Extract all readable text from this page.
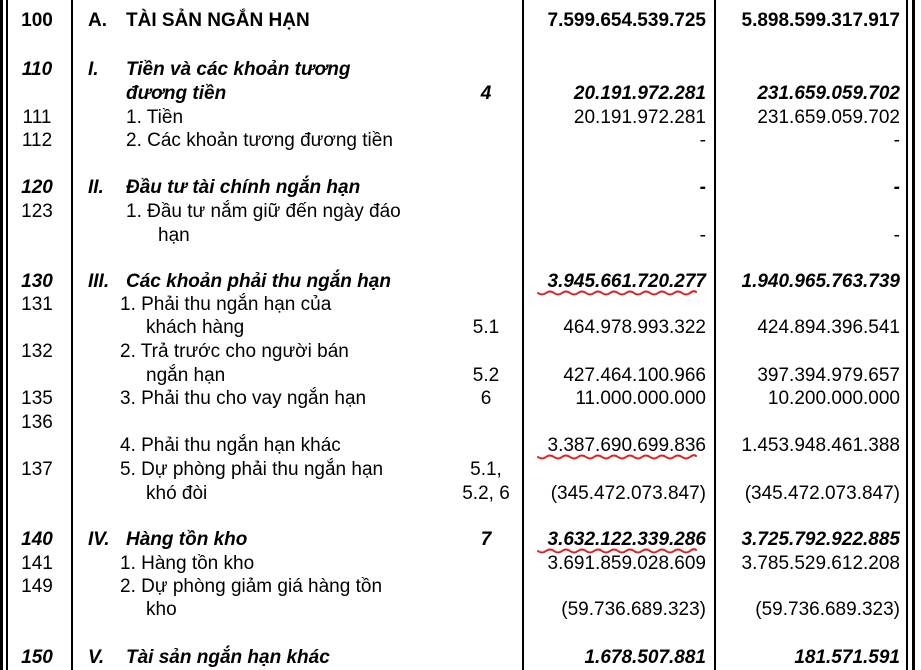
100	A. TÀI SẢN NGẮN HẠN	7.599.654.539.725	5.898.599.317.917
110	I. Tiền và các khoản tương
đương tiền	4	20.191.972.281	231.659.059.702
111	1. Tiền	20.191.972.281	231.659.059.702
112	2. Các khoản tương đương tiền	-	-
120	II. Đầu tư tài chính ngắn hạn	-	-
123	1. Đầu tư nắm giữ đến ngày đáo
hạn	-	-
130	III. Các khoản phải thu ngắn hạn	3.945.661.720.277	1.940.965.763.739
131	1. Phải thu ngắn hạn của
khách hàng	5.1	464.978.993.322	424.894.396.541
132	2. Trả trước cho người bán
ngắn hạn	5.2	427.464.100.966	397.394.979.657
135	3. Phải thu cho vay ngắn hạn	6	11.000.000.000	10.200.000.000
136
4. Phải thu ngắn hạn khác	3.387.690.699.836	1.453.948.461.388
137	5. Dự phòng phải thu ngắn hạn	5.1,
khó đòi	5.2, 6	(345.472.073.847)	(345.472.073.847)
140	IV. Hàng tồn kho	7	3.632.122.339.286	3.725.792.922.885
141	1. Hàng tồn kho	3.691.859.028.609	3.785.529.612.208
149	2. Dự phòng giảm giá hàng tồn
kho	(59.736.689.323)	(59.736.689.323)
150	V. Tài sản ngắn hạn khác	1.678.507.881	181.571.591
